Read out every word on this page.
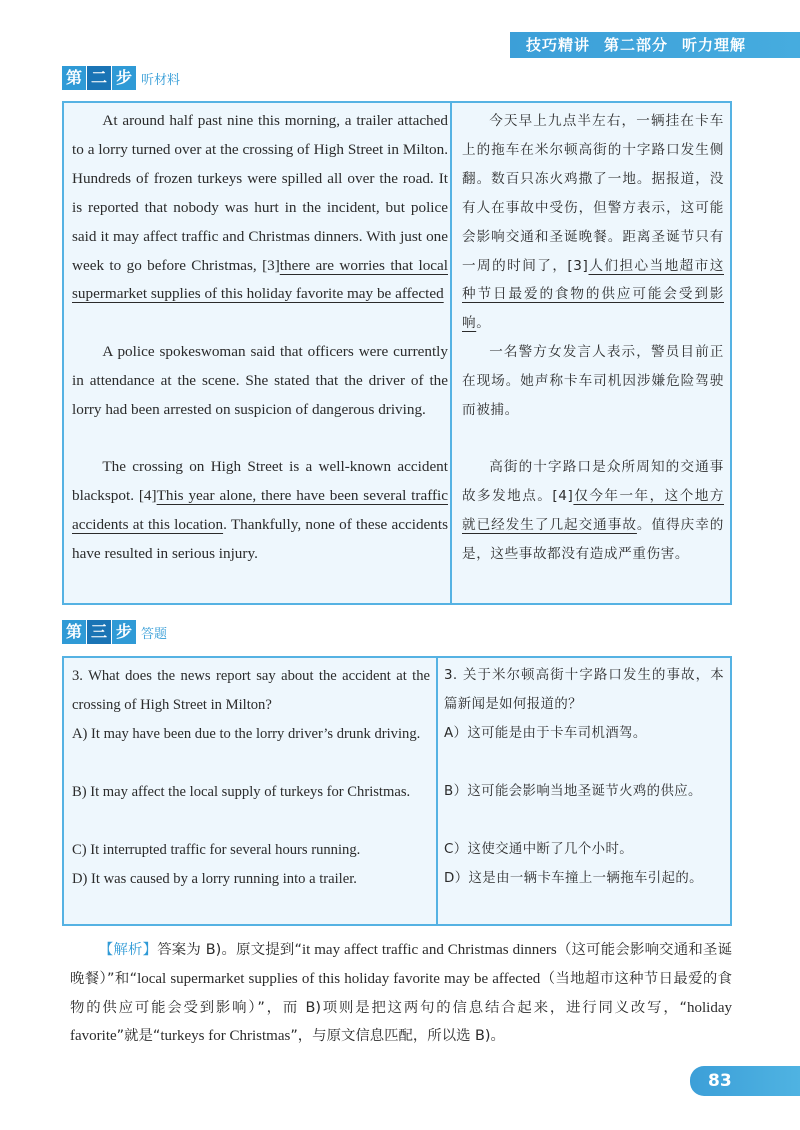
技巧精讲 第二部分 听力理解
第 二 步 听材料
At around half past nine this morning, a trailer attached to a lorry turned over at the crossing of High Street in Milton. Hundreds of frozen turkeys were spilled all over the road. It is reported that nobody was hurt in the incident, but police said it may affect traffic and Christmas dinners. With just one week to go before Christmas, [3]there are worries that local supermarket supplies of this holiday favorite may be affected
A police spokeswoman said that officers were currently in attendance at the scene. She stated that the driver of the lorry had been arrested on suspicion of dangerous driving.
The crossing on High Street is a well-known accident blackspot. [4]This year alone, there have been several traffic accidents at this location. Thankfully, none of these accidents have resulted in serious injury.
今天早上九点半左右，一辆挂在卡车上的拖车在米尔顿高街的十字路口发生侧翻。数百只冻火鸡撒了一地。据报道，没有人在事故中受伤，但警方表示，这可能会影响交通和圣诞晚餐。距离圣诞节只有一周的时间了，[3]人们担心当地超市这种节日最爱的食物的供应可能会受到影响。
一名警方女发言人表示，警员目前正在现场。她声称卡车司机因涉嫌危险驾驶而被捕。
高街的十字路口是众所周知的交通事故多发地点。[4]仅今年一年，这个地方就已经发生了几起交通事故。值得庆幸的是，这些事故都没有造成严重伤害。
第 三 步 答题
3. What does the news report say about the accident at the crossing of High Street in Milton?
A) It may have been due to the lorry driver’s drunk driving.
B) It may affect the local supply of turkeys for Christmas.
C) It interrupted traffic for several hours running.
D) It was caused by a lorry running into a trailer.
3. 关于米尔顿高街十字路口发生的事故，本篇新闻是如何报道的？
A）这可能是由于卡车司机酒驾。
B）这可能会影响当地圣诞节火鸡的供应。
C）这使交通中断了几个小时。
D）这是由一辆卡车撞上一辆拖车引起的。
【解析】答案为 B)。原文提到“it may affect traffic and Christmas dinners（这可能会影响交通和圣诞晚餐）”和“local supermarket supplies of this holiday favorite may be affected（当地超市这种节日最爱的食物的供应可能会受到影响）”，而 B)项则是把这两句的信息结合起来，进行同义改写，“holiday favorite”就是“turkeys for Christmas”，与原文信息匹配，所以选 B)。
83
